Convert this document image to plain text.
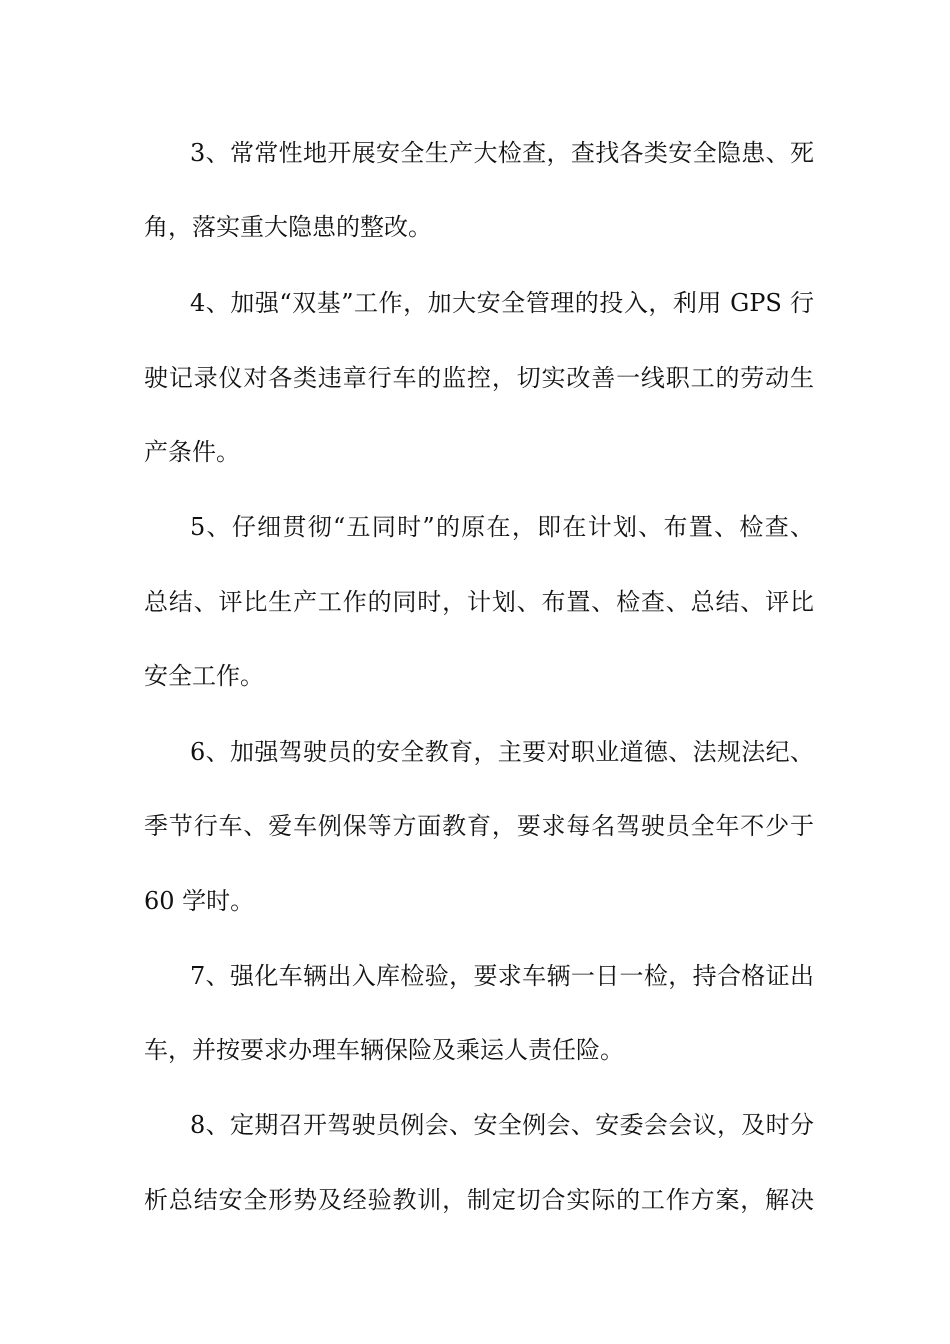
3、常常性地开展安全生产大检查，查找各类安全隐患、死
角，落实重大隐患的整改。
4、加强“双基”工作，加大安全管理的投入，利用 GPS 行
驶记录仪对各类违章行车的监控，切实改善一线职工的劳动生
产条件。
5、仔细贯彻“五同时”的原在，即在计划、布置、检查、
总结、评比生产工作的同时，计划、布置、检查、总结、评比
安全工作。
6、加强驾驶员的安全教育，主要对职业道德、法规法纪、
季节行车、爱车例保等方面教育，要求每名驾驶员全年不少于
60 学时。
7、强化车辆出入库检验，要求车辆一日一检，持合格证出
车，并按要求办理车辆保险及乘运人责任险。
8、定期召开驾驶员例会、安全例会、安委会会议，及时分
析总结安全形势及经验教训，制定切合实际的工作方案，解决
